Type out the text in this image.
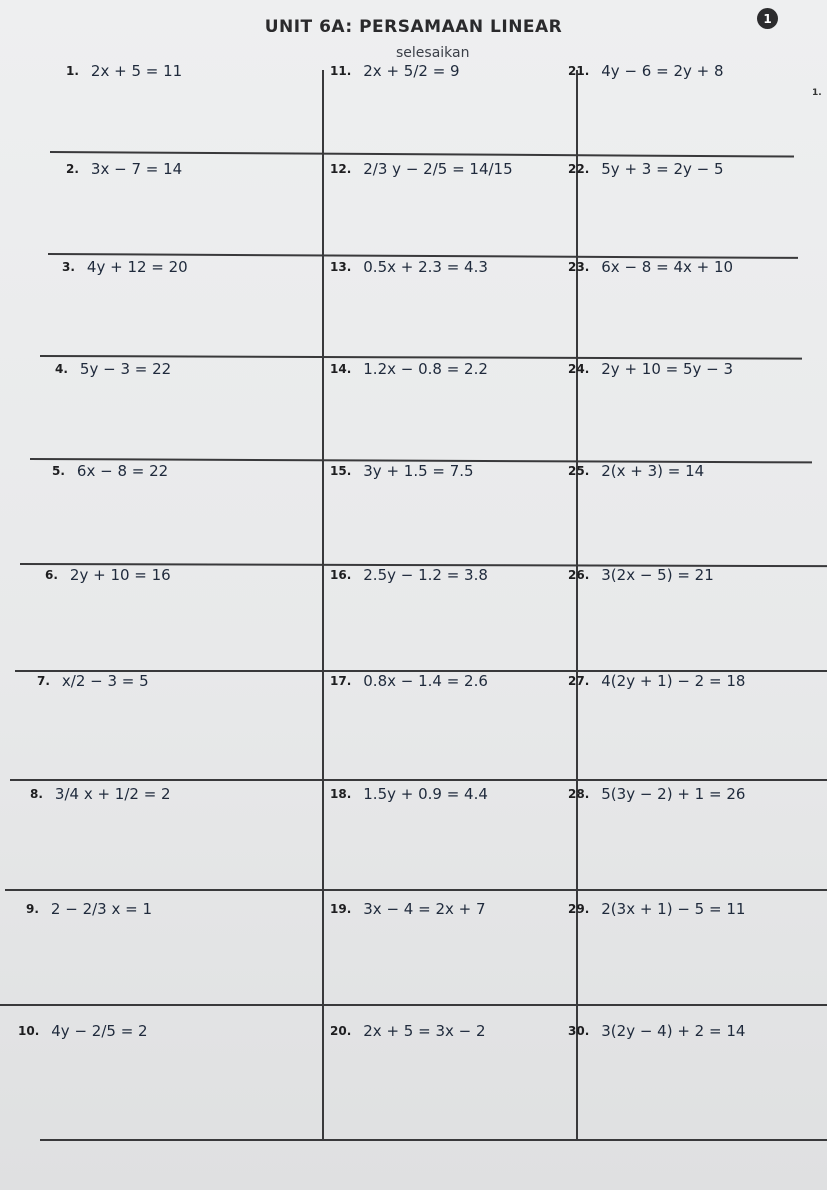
UNIT 6A: PERSAMAAN LINEAR	1
selesaikan
1.
1. 2x + 5 = 11
2. 3x − 7 = 14
3. 4y + 12 = 20
4. 5y − 3 = 22
5. 6x − 8 = 22
6. 2y + 10 = 16
7. x/2 − 3 = 5
8. 3/4 x + 1/2 = 2
9. 2 − 2/3 x = 1
10. 4y − 2/5 = 2
11. 2x + 5/2 = 9
12. 2/3 y − 2/5 = 14/15
13. 0.5x + 2.3 = 4.3
14. 1.2x − 0.8 = 2.2
15. 3y + 1.5 = 7.5
16. 2.5y − 1.2 = 3.8
17. 0.8x − 1.4 = 2.6
18. 1.5y + 0.9 = 4.4
19. 3x − 4 = 2x + 7
20. 2x + 5 = 3x − 2
21. 4y − 6 = 2y + 8
22. 5y + 3 = 2y − 5
23. 6x − 8 = 4x + 10
24. 2y + 10 = 5y − 3
25. 2(x + 3) = 14
26. 3(2x − 5) = 21
27. 4(2y + 1) − 2 = 18
28. 5(3y − 2) + 1 = 26
29. 2(3x + 1) − 5 = 11
30. 3(2y − 4) + 2 = 14
